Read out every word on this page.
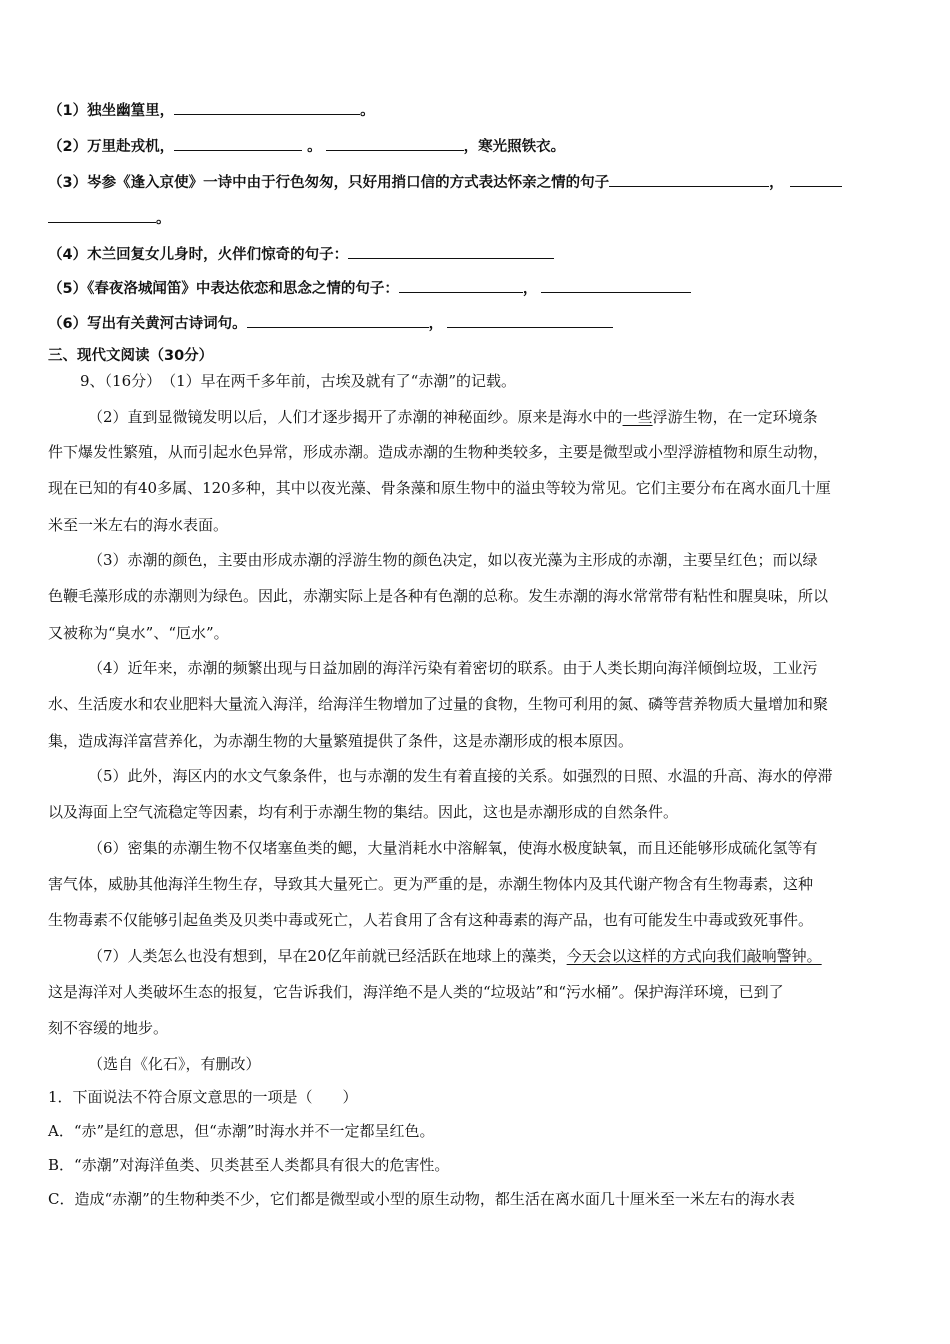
（1）独坐幽篁里，	。
（2）万里赴戎机，	。	，寒光照铁衣。
（3）岑参《逢入京使》一诗中由于行色匆匆，只好用捎口信的方式表达怀亲之情的句子	，
。
（4）木兰回复女儿身时，火伴们惊奇的句子：
（5）《春夜洛城闻笛》中表达依恋和思念之情的句子：	，
（6）写出有关黄河古诗词句。	，
三、现代文阅读（30分）
9、（16分）　（1）早在两千多年前，古埃及就有了“赤潮”的记载。
（2）直到显微镜发明以后，人们才逐步揭开了赤潮的神秘面纱。原来是海水中的一些浮游生物，在一定环境条
件下爆发性繁殖，从而引起水色异常，形成赤潮。造成赤潮的生物种类较多，主要是微型或小型浮游植物和原生动物，
现在已知的有40多属、120多种，其中以夜光藻、骨条藻和原生物中的溢虫等较为常见。它们主要分布在离水面几十厘
米至一米左右的海水表面。
（3）赤潮的颜色，主要由形成赤潮的浮游生物的颜色决定，如以夜光藻为主形成的赤潮，主要呈红色；而以绿
色鞭毛藻形成的赤潮则为绿色。因此，赤潮实际上是各种有色潮的总称。发生赤潮的海水常常带有粘性和腥臭味，所以
又被称为“臭水”、“厄水”。
（4）近年来，赤潮的频繁出现与日益加剧的海洋污染有着密切的联系。由于人类长期向海洋倾倒垃圾，工业污
水、生活废水和农业肥料大量流入海洋，给海洋生物增加了过量的食物，生物可利用的氮、磷等营养物质大量增加和聚
集，造成海洋富营养化，为赤潮生物的大量繁殖提供了条件，这是赤潮形成的根本原因。
（5）此外，海区内的水文气象条件，也与赤潮的发生有着直接的关系。如强烈的日照、水温的升高、海水的停滞
以及海面上空气流稳定等因素，均有利于赤潮生物的集结。因此，这也是赤潮形成的自然条件。
（6）密集的赤潮生物不仅堵塞鱼类的鳃，大量消耗水中溶解氧，使海水极度缺氧，而且还能够形成硫化氢等有
害气体，威胁其他海洋生物生存，导致其大量死亡。更为严重的是，赤潮生物体内及其代谢产物含有生物毒素，这种
生物毒素不仅能够引起鱼类及贝类中毒或死亡，人若食用了含有这种毒素的海产品，也有可能发生中毒或致死事件。
（7）人类怎么也没有想到，早在20亿年前就已经活跃在地球上的藻类，今天会以这样的方式向我们敲响警钟。
这是海洋对人类破坏生态的报复，它告诉我们，海洋绝不是人类的“垃圾站”和“污水桶”。保护海洋环境，已到了
刻不容缓的地步。
（选自《化石》，有删改）
1．下面说法不符合原文意思的一项是（　　）
A．“赤”是红的意思，但“赤潮”时海水并不一定都呈红色。
B．“赤潮”对海洋鱼类、贝类甚至人类都具有很大的危害性。
C．造成“赤潮”的生物种类不少，它们都是微型或小型的原生动物，都生活在离水面几十厘米至一米左右的海水表
